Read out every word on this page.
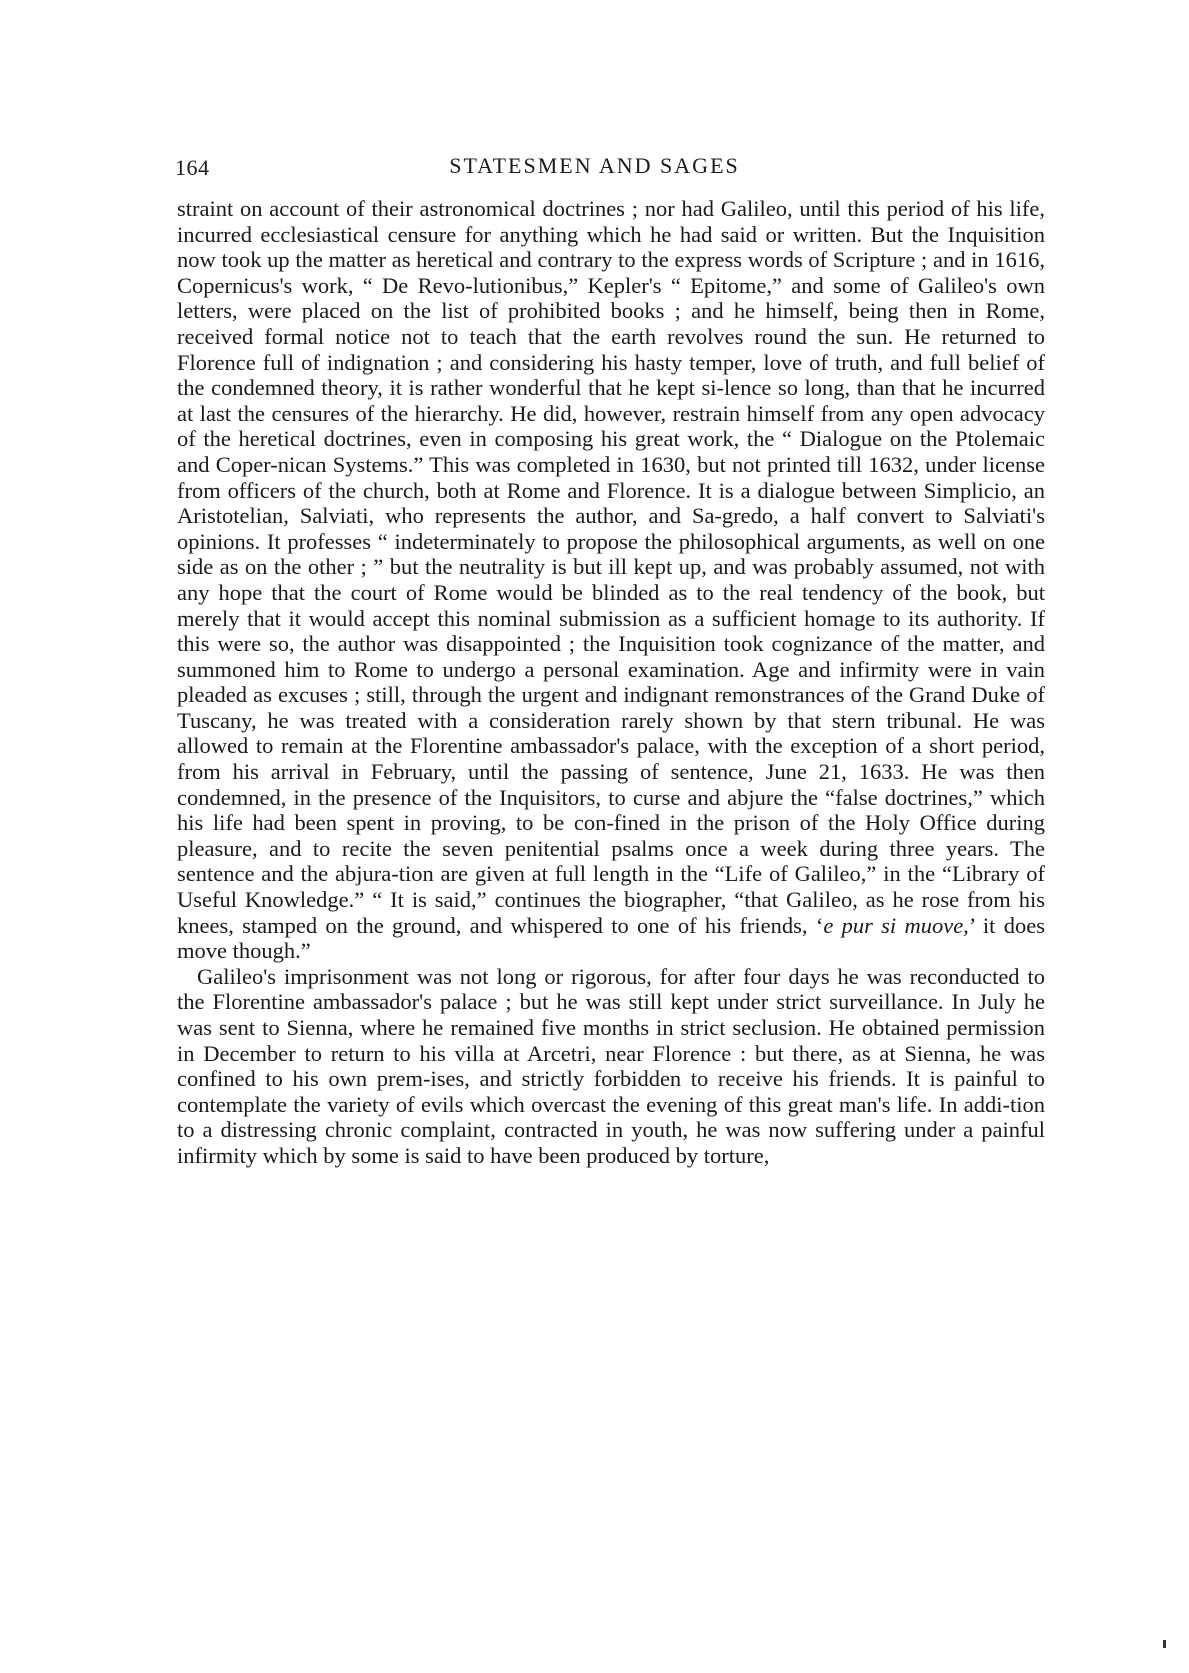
164	STATESMEN AND SAGES

straint on account of their astronomical doctrines ; nor had Galileo, until this period of his life, incurred ecclesiastical censure for anything which he had said or written. But the Inquisition now took up the matter as heretical and contrary to the express words of Scripture ; and in 1616, Copernicus's work, “ De Revo-lutionibus,” Kepler's “ Epitome,” and some of Galileo's own letters, were placed on the list of prohibited books ; and he himself, being then in Rome, received formal notice not to teach that the earth revolves round the sun. He returned to Florence full of indignation ; and considering his hasty temper, love of truth, and full belief of the condemned theory, it is rather wonderful that he kept si-lence so long, than that he incurred at last the censures of the hierarchy. He did, however, restrain himself from any open advocacy of the heretical doctrines, even in composing his great work, the “ Dialogue on the Ptolemaic and Coper-nican Systems.” This was completed in 1630, but not printed till 1632, under license from officers of the church, both at Rome and Florence. It is a dialogue between Simplicio, an Aristotelian, Salviati, who represents the author, and Sa-gredo, a half convert to Salviati's opinions. It professes “ indeterminately to propose the philosophical arguments, as well on one side as on the other ; ” but the neutrality is but ill kept up, and was probably assumed, not with any hope that the court of Rome would be blinded as to the real tendency of the book, but merely that it would accept this nominal submission as a sufficient homage to its authority. If this were so, the author was disappointed ; the Inquisition took cognizance of the matter, and summoned him to Rome to undergo a personal examination. Age and infirmity were in vain pleaded as excuses ; still, through the urgent and indignant remonstrances of the Grand Duke of Tuscany, he was treated with a consideration rarely shown by that stern tribunal. He was allowed to remain at the Florentine ambassador's palace, with the exception of a short period, from his arrival in February, until the passing of sentence, June 21, 1633. He was then condemned, in the presence of the Inquisitors, to curse and abjure the “false doctrines,” which his life had been spent in proving, to be con-fined in the prison of the Holy Office during pleasure, and to recite the seven penitential psalms once a week during three years. The sentence and the abjura-tion are given at full length in the “Life of Galileo,” in the “Library of Useful Knowledge.” “ It is said,” continues the biographer, “that Galileo, as he rose from his knees, stamped on the ground, and whispered to one of his friends, ‘e pur si muove,’ it does move though.”

Galileo's imprisonment was not long or rigorous, for after four days he was reconducted to the Florentine ambassador's palace ; but he was still kept under strict surveillance. In July he was sent to Sienna, where he remained five months in strict seclusion. He obtained permission in December to return to his villa at Arcetri, near Florence : but there, as at Sienna, he was confined to his own prem-ises, and strictly forbidden to receive his friends. It is painful to contemplate the variety of evils which overcast the evening of this great man's life. In addi-tion to a distressing chronic complaint, contracted in youth, he was now suffering under a painful infirmity which by some is said to have been produced by torture,
